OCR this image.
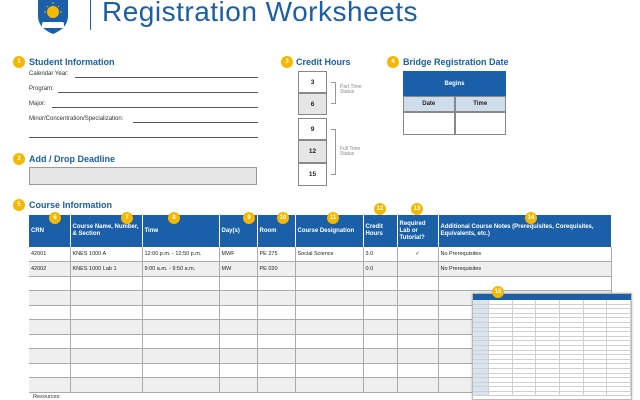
Registration Worksheets
1 Student Information
Calendar Year:
Program:
Major:
Minor/Concentration/Specialization:
2 Add / Drop Deadline
3 Credit Hours
3
6
9
12
15
Part Time Status
Full Time Status
4 Bridge Registration Date
Begins
Date	Time
5 Course Information
CRN	Course Name, Number, & Section	Time	Day(s)	Room	Course Designation	Credit Hours	Required Lab or Tutorial?	Additional Course Notes (Prerequisites, Corequisites, Equivalents, etc.)
42001	KNES 1000 A	12:00 p.m. - 12:50 p.m.	MWF	PE 275	Social Science	3.0	✓	No Prerequisites
42002	KNES 1000 Lab 1	9:00 a.m. - 9:50 a.m.	MW	PE 020		0.0		No Prerequisites

6	7	8	9	10	11
12	13
14
Resources:
15
